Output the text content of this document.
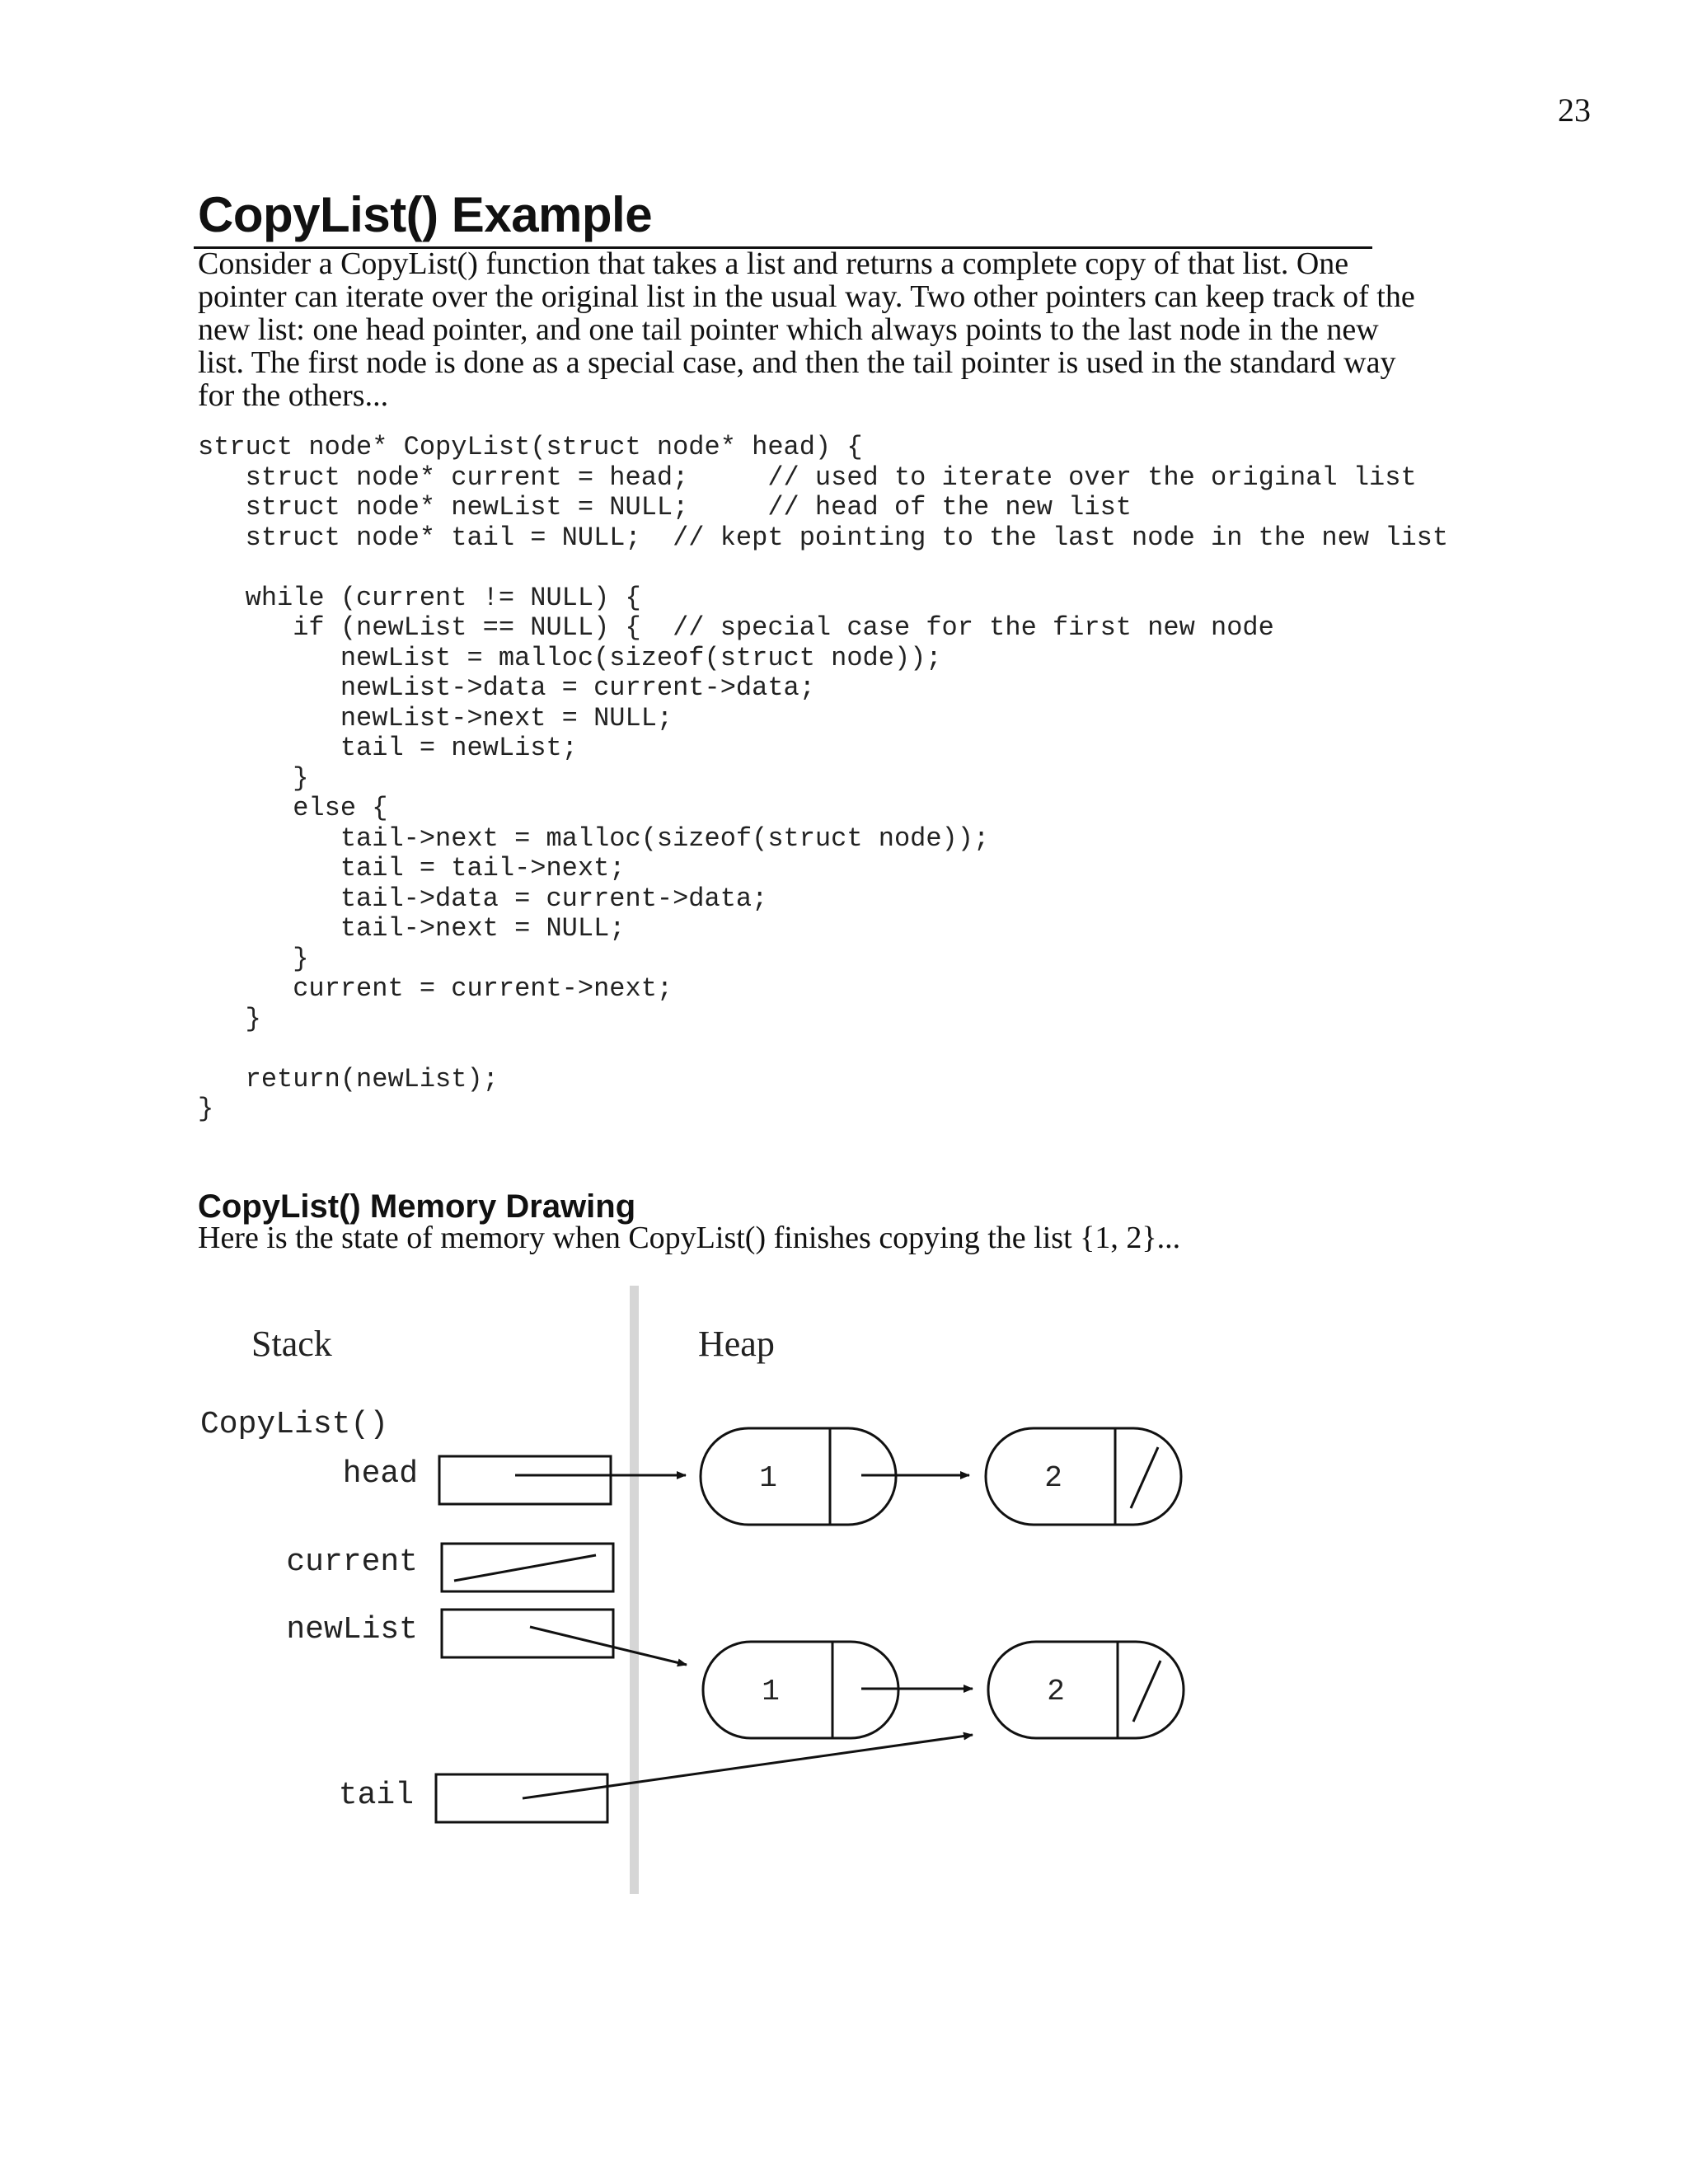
23
CopyList() Example

Consider a CopyList() function that takes a list and returns a complete copy of that list. One pointer can iterate over the original list in the usual way. Two other pointers can keep track of the new list: one head pointer, and one tail pointer which always points to the last node in the new list. The first node is done as a special case, and then the tail pointer is used in the standard way for the others...

struct node* CopyList(struct node* head) {
struct node* current = head;     // used to iterate over the original list
struct node* newList = NULL;     // head of the new list
struct node* tail = NULL;  // kept pointing to the last node in the new list

while (current != NULL) {
if (newList == NULL) {  // special case for the first new node
newList = malloc(sizeof(struct node));
newList->data = current->data;
newList->next = NULL;
tail = newList;
}
else {
tail->next = malloc(sizeof(struct node));
tail = tail->next;
tail->data = current->data;
tail->next = NULL;
}
current = current->next;
}

return(newList);
}
CopyList() Memory Drawing

Here is the state of memory when CopyList() finishes copying the list {1, 2}...

Stack	Heap
CopyList()
head
current
newList
tail
1	2
1	2
